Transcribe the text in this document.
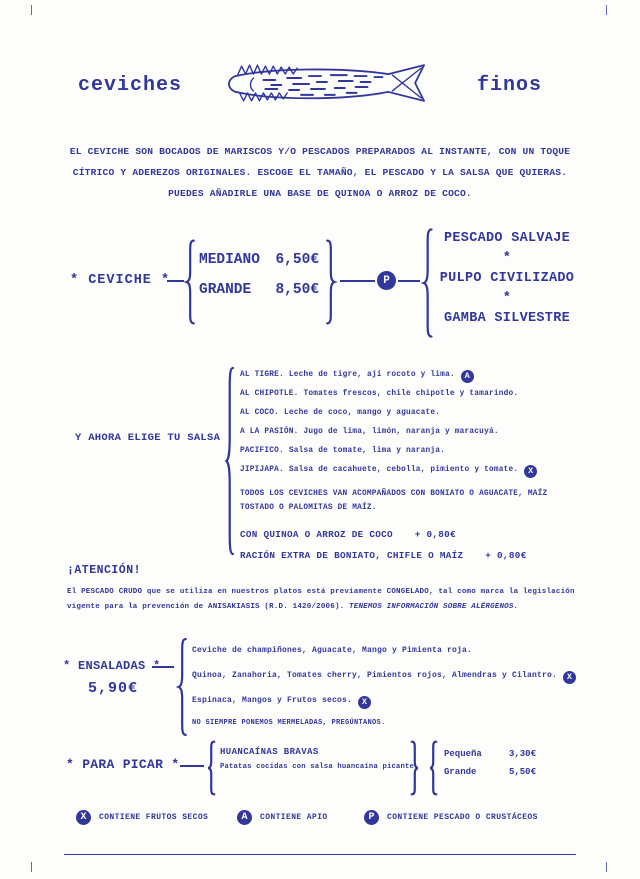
ceviches	finos
EL CEVICHE SON BOCADOS DE MARISCOS Y/O PESCADOS PREPARADOS AL INSTANTE, CON UN TOQUE
CÍTRICO Y ADEREZOS ORIGINALES. ESCOGE EL TAMAÑO, EL PESCADO Y LA SALSA QUE QUIERAS.
PUEDES AÑADIRLE UNA BASE DE QUINOA O ARROZ DE COCO.
* CEVICHE *
MEDIANO 6,50€
GRANDE 8,50€
P
PESCADO SALVAJE
*
PULPO CIVILIZADO
*
GAMBA SILVESTRE
Y AHORA ELIGE TU SALSA
AL TIGRE. Leche de tigre, ají rocoto y lima. A
AL CHIPOTLE. Tomates frescos, chile chipotle y tamarindo.
AL COCO. Leche de coco, mango y aguacate.
A LA PASIÓN. Jugo de lima, limón, naranja y maracuyá.
PACIFICO. Salsa de tomate, lima y naranja.
JIPIJAPA. Salsa de cacahuete, cebolla, pimiento y tomate. X
TODOS LOS CEVICHES VAN ACOMPAÑADOS CON BONIATO O AGUACATE, MAÍZ
TOSTADO O PALOMITAS DE MAÍZ.
CON QUINOA O ARROZ DE COCO + 0,80€
RACIÓN EXTRA DE BONIATO, CHIFLE O MAÍZ + 0,80€
¡ATENCIÓN!
El PESCADO CRUDO que se utiliza en nuestros platos está previamente CONGELADO, tal como marca la legislación vigente para la prevención de ANISAKIASIS (R.D. 1420/2006). TENEMOS INFORMACIÓN SOBRE ALÉRGENOS.
* ENSALADAS *
5,90€
Ceviche de champiñones, Aguacate, Mango y Pimienta roja.
Quinoa, Zanahoria, Tomates cherry, Pimientos rojos, Almendras y Cilantro. X
Espinaca, Mangos y Frutos secos. X
NO SIEMPRE PONEMOS MERMELADAS, PREGÚNTANOS.
* PARA PICAR *
HUANCAÍNAS BRAVAS
Patatas cocidas con salsa huancaína picante.
Pequeña	3,30€
Grande	5,50€
X	CONTIENE FRUTOS SECOS	A	CONTIENE APIO	P	CONTIENE PESCADO O CRUSTÁCEOS
